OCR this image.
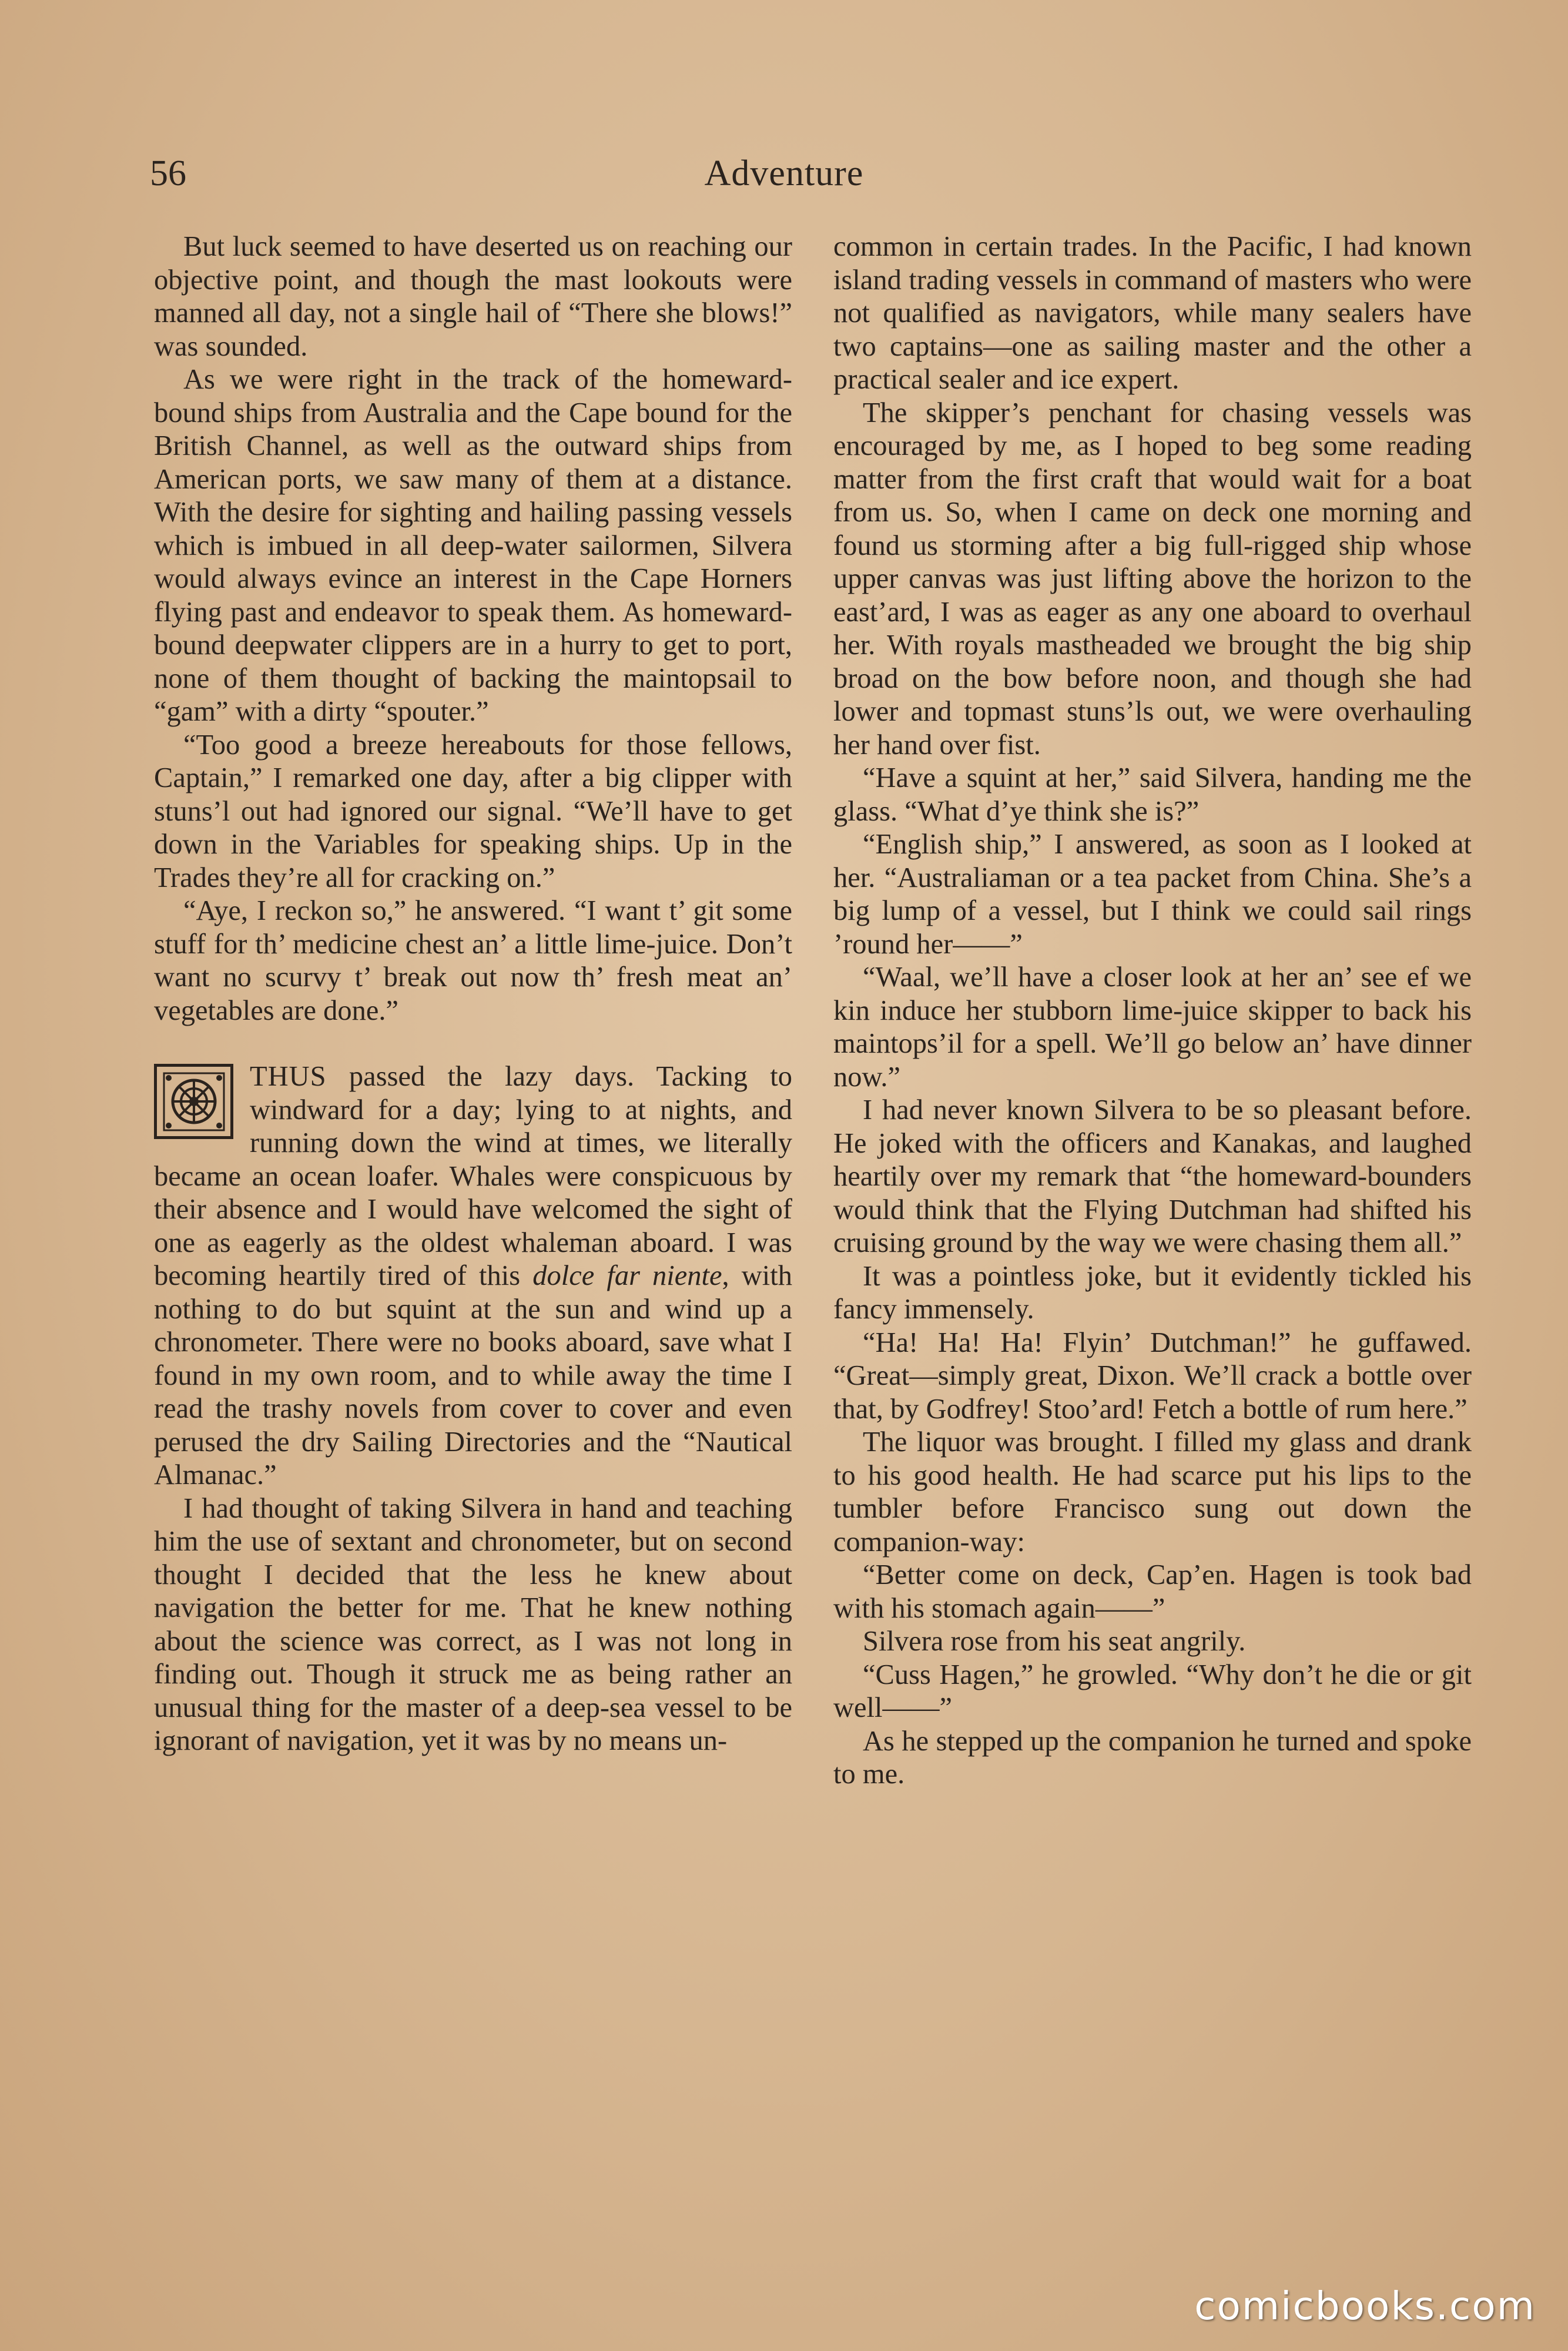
56	Adventure

But luck seemed to have deserted us on reaching our objective point, and though the mast lookouts were manned all day, not a single hail of “There she blows!” was sounded.

As we were right in the track of the homeward-bound ships from Australia and the Cape bound for the British Channel, as well as the outward ships from American ports, we saw many of them at a distance. With the desire for sighting and hailing passing vessels which is imbued in all deep-water sailormen, Silvera would always evince an interest in the Cape Horners flying past and endeavor to speak them. As homeward-bound deepwater clippers are in a hurry to get to port, none of them thought of backing the maintopsail to “gam” with a dirty “spouter.”

“Too good a breeze hereabouts for those fellows, Captain,” I remarked one day, after a big clipper with stuns’l out had ignored our signal. “We’ll have to get down in the Variables for speaking ships. Up in the Trades they’re all for cracking on.”

“Aye, I reckon so,” he answered. “I want t’ git some stuff for th’ medicine chest an’ a little lime-juice. Don’t want no scurvy t’ break out now th’ fresh meat an’ vegetables are done.”

THUS passed the lazy days. Tacking to windward for a day; lying to at nights, and running down the wind at times, we literally became an ocean loafer. Whales were conspicuous by their absence and I would have welcomed the sight of one as eagerly as the oldest whaleman aboard. I was becoming heartily tired of this dolce far niente, with nothing to do but squint at the sun and wind up a chronometer. There were no books aboard, save what I found in my own room, and to while away the time I read the trashy novels from cover to cover and even perused the dry Sailing Directories and the “Nautical Almanac.”

I had thought of taking Silvera in hand and teaching him the use of sextant and chronometer, but on second thought I decided that the less he knew about navigation the better for me. That he knew nothing about the science was correct, as I was not long in finding out. Though it struck me as being rather an unusual thing for the master of a deep-sea vessel to be ignorant of navigation, yet it was by no means un-

common in certain trades. In the Pacific, I had known island trading vessels in command of masters who were not qualified as navigators, while many sealers have two captains—one as sailing master and the other a practical sealer and ice expert.

The skipper’s penchant for chasing vessels was encouraged by me, as I hoped to beg some reading matter from the first craft that would wait for a boat from us. So, when I came on deck one morning and found us storming after a big full-rigged ship whose upper canvas was just lifting above the horizon to the east’ard, I was as eager as any one aboard to overhaul her. With royals mastheaded we brought the big ship broad on the bow before noon, and though she had lower and topmast stuns’ls out, we were overhauling her hand over fist.

“Have a squint at her,” said Silvera, handing me the glass. “What d’ye think she is?”

“English ship,” I answered, as soon as I looked at her. “Australiaman or a tea packet from China. She’s a big lump of a vessel, but I think we could sail rings ’round her——”

“Waal, we’ll have a closer look at her an’ see ef we kin induce her stubborn lime-juice skipper to back his maintops’il for a spell. We’ll go below an’ have dinner now.”

I had never known Silvera to be so pleasant before. He joked with the officers and Kanakas, and laughed heartily over my remark that “the homeward-bounders would think that the Flying Dutchman had shifted his cruising ground by the way we were chasing them all.”

It was a pointless joke, but it evidently tickled his fancy immensely.

“Ha! Ha! Ha! Flyin’ Dutchman!” he guffawed. “Great—simply great, Dixon. We’ll crack a bottle over that, by Godfrey! Stoo’ard! Fetch a bottle of rum here.”

The liquor was brought. I filled my glass and drank to his good health. He had scarce put his lips to the tumbler before Francisco sung out down the companion-way:

“Better come on deck, Cap’en. Hagen is took bad with his stomach again——”

Silvera rose from his seat angrily.

“Cuss Hagen,” he growled. “Why don’t he die or git well——”

As he stepped up the companion he turned and spoke to me.

comicbooks.com
